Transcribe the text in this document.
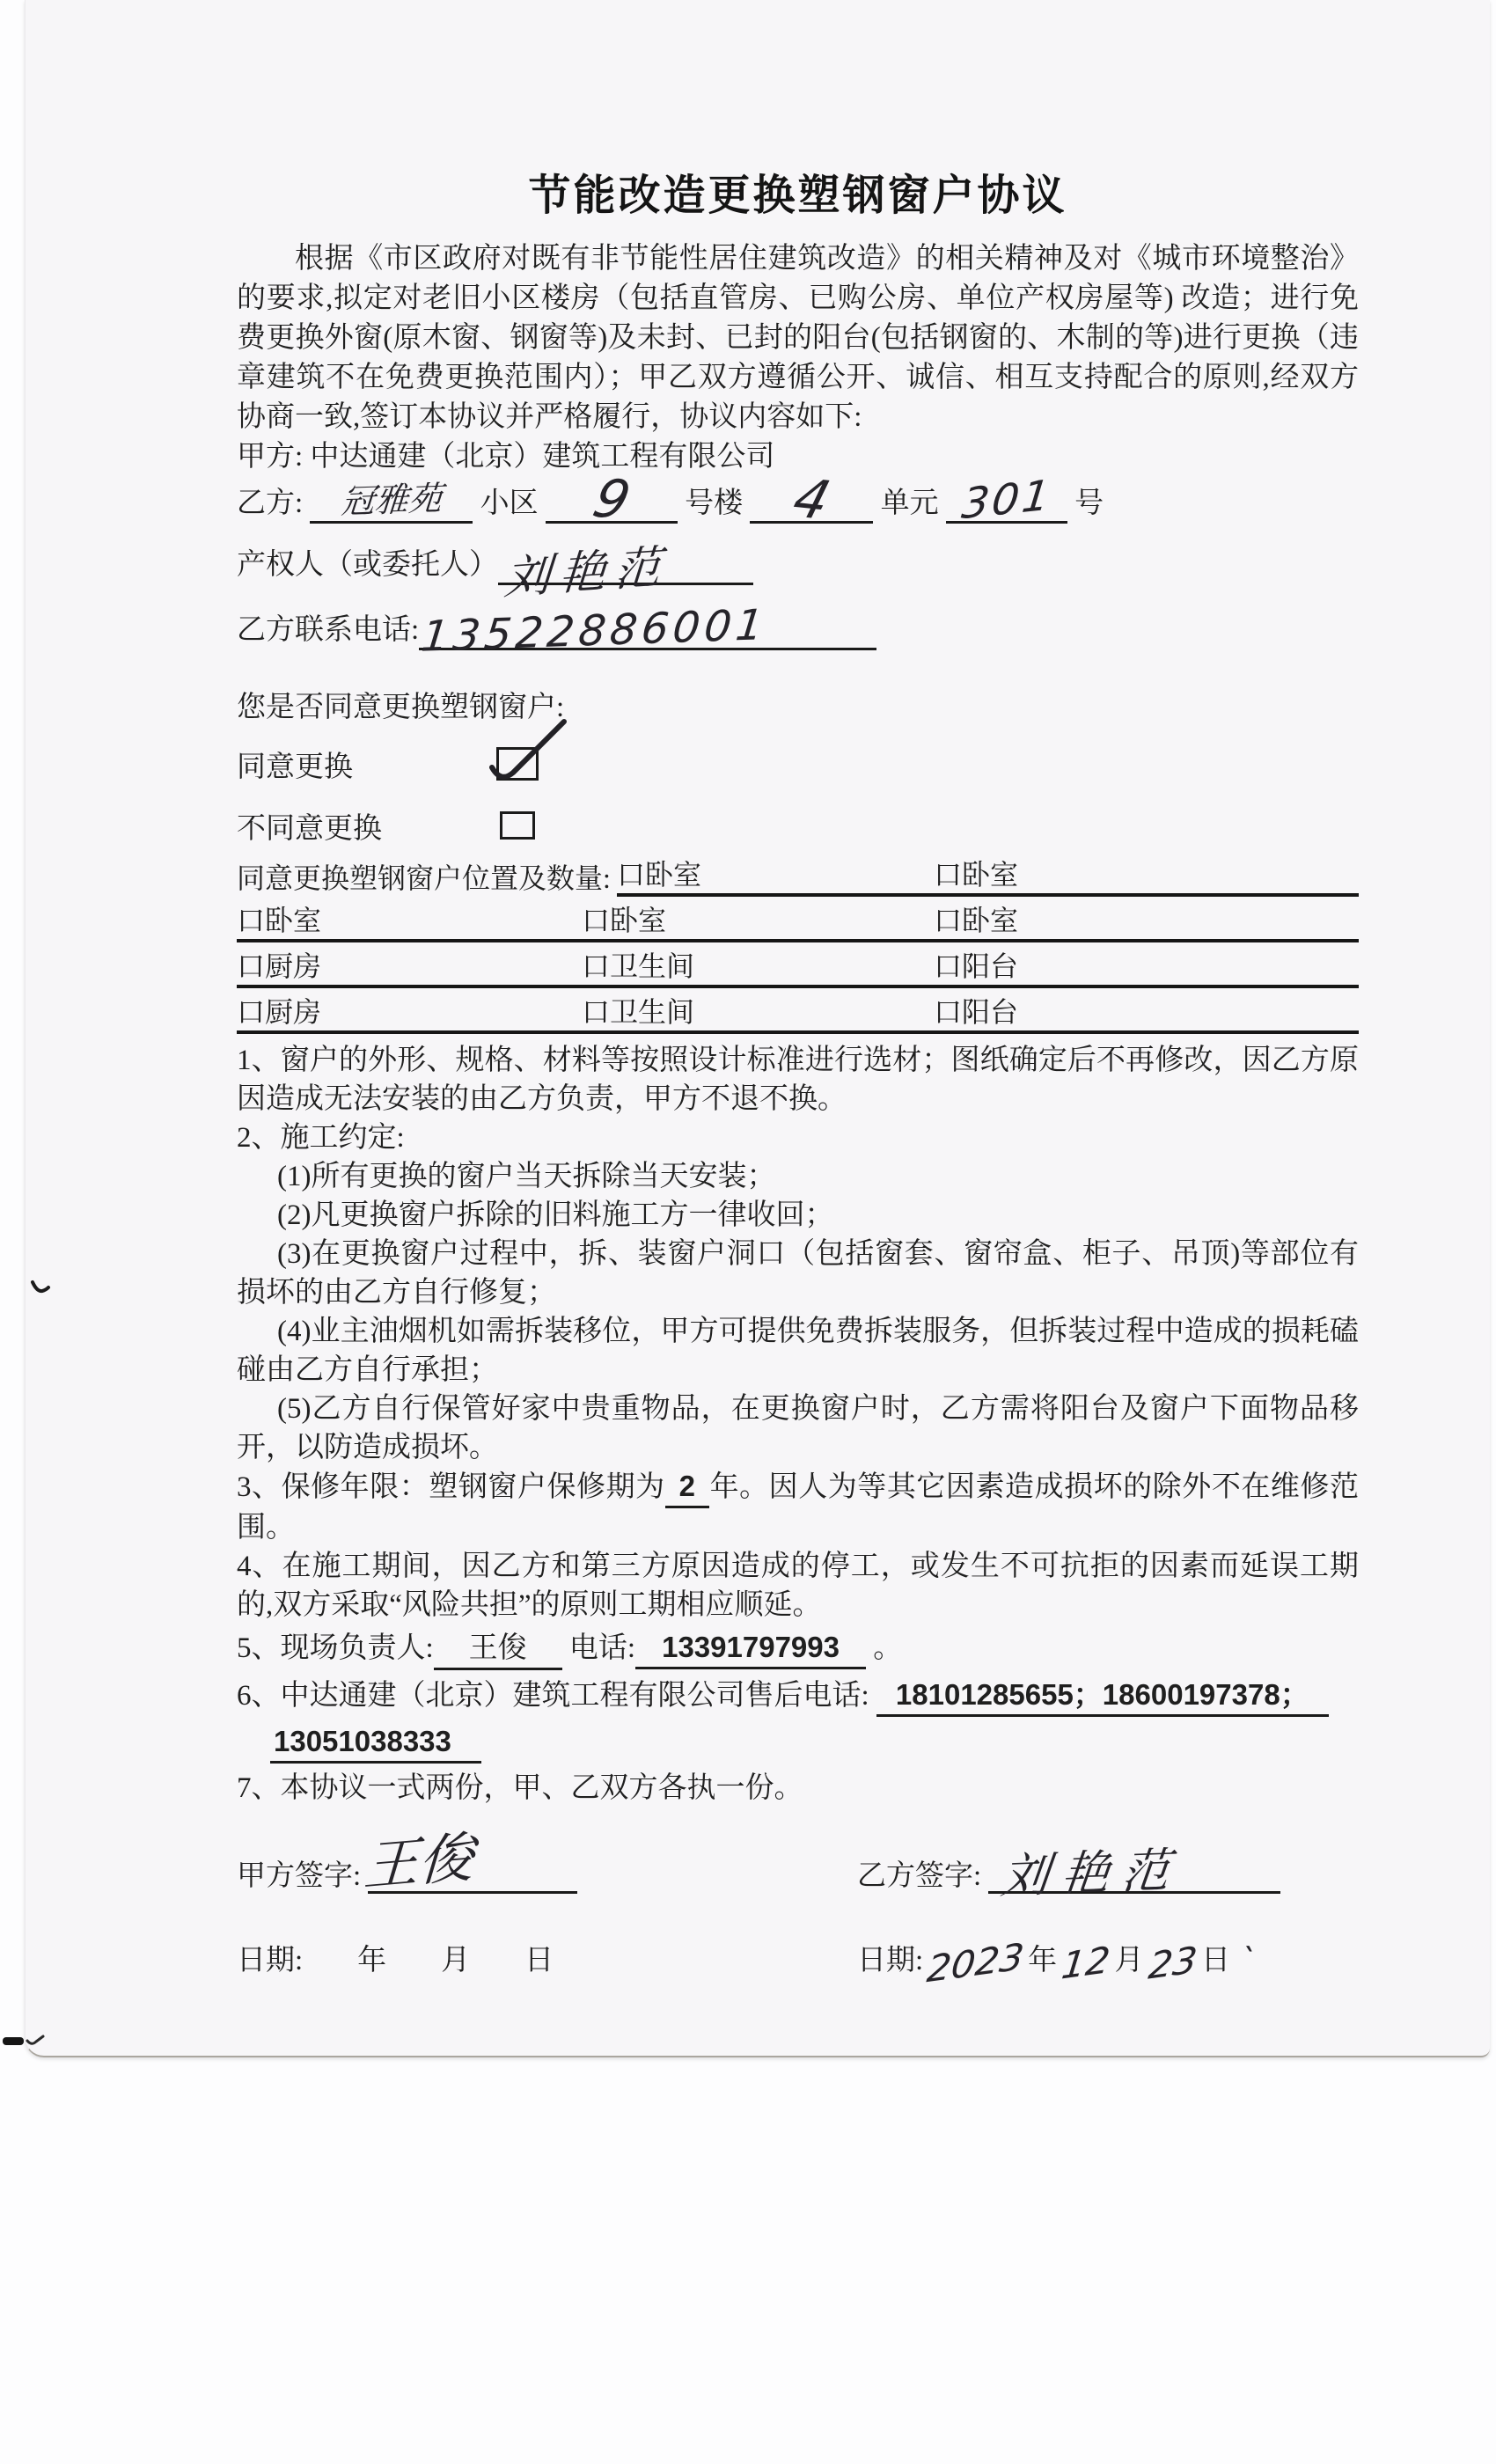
节能改造更换塑钢窗户协议

根据《市区政府对既有非节能性居住建筑改造》的相关精神及对《城市环境整治》的要求,拟定对老旧小区楼房（包括直管房、已购公房、单位产权房屋等) 改造；进行免费更换外窗(原木窗、钢窗等)及未封、已封的阳台(包括钢窗的、木制的等)进行更换（违章建筑不在免费更换范围内）；甲乙双方遵循公开、诚信、相互支持配合的原则,经双方协商一致,签订本协议并严格履行，协议内容如下:

甲方: 中达通建（北京）建筑工程有限公司

乙方: 冠雅苑 小区 9 号楼 4 单元 301 号
产权人（或委托人） 刘艳范
乙方联系电话: 13522886001

您是否同意更换塑钢窗户:

同意更换
不同意更换
同意更换塑钢窗户位置及数量: 口卧室	口卧室
口卧室	口卧室	口卧室
口厨房	口卫生间	口阳台
口厨房	口卫生间	口阳台

1、窗户的外形、规格、材料等按照设计标准进行选材；图纸确定后不再修改，因乙方原因造成无法安装的由乙方负责，甲方不退不换。

2、施工约定:

(1)所有更换的窗户当天拆除当天安装；

(2)凡更换窗户拆除的旧料施工方一律收回；

(3)在更换窗户过程中，拆、装窗户洞口（包括窗套、窗帘盒、柜子、吊顶)等部位有损坏的由乙方自行修复；

(4)业主油烟机如需拆装移位，甲方可提供免费拆装服务，但拆装过程中造成的损耗磕碰由乙方自行承担；

(5)乙方自行保管好家中贵重物品，在更换窗户时，乙方需将阳台及窗户下面物品移开，以防造成损坏。

3、保修年限：塑钢窗户保修期为 2 年。因人为等其它因素造成损坏的除外不在维修范围。

4、在施工期间，因乙方和第三方原因造成的停工，或发生不可抗拒的因素而延误工期的,双方采取“风险共担”的原则工期相应顺延。

5、现场负责人: 王俊 电话: 13391797993 。

6、中达通建（北京）建筑工程有限公司售后电话: 18101285655；18600197378；

13051038333

7、本协议一式两份，甲、乙双方各执一份。

甲方签字: 王俊	乙方签字: 刘艳范
日期: 年 月 日	日期: 2023 年 12 月 23 日 `
